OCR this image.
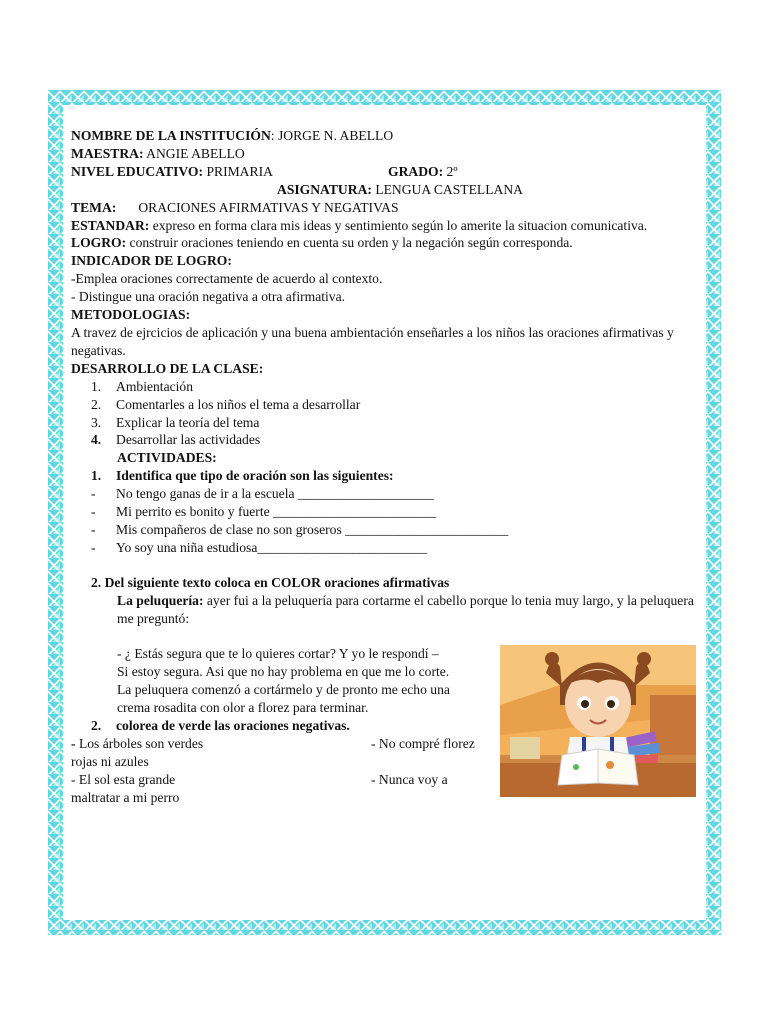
NOMBRE DE LA INSTITUCIÓN: JORGE N. ABELLO
MAESTRA: ANGIE ABELLO
NIVEL EDUCATIVO: PRIMARIA	GRADO: 2º
ASIGNATURA: LENGUA CASTELLANA
TEMA: ORACIONES AFIRMATIVAS Y NEGATIVAS
ESTANDAR: expreso en forma clara mis ideas y sentimiento según lo amerite la situacion comunicativa.
LOGRO: construir oraciones teniendo en cuenta su orden y la negación según corresponda.
INDICADOR DE LOGRO:
-Emplea oraciones correctamente de acuerdo al contexto.
- Distingue una oración negativa a otra afirmativa.
METODOLOGIAS:
A travez de ejrcicios de aplicación y una buena ambientación enseñarles a los niños las oraciones afirmativas y negativas.
DESARROLLO DE LA CLASE:
1. Ambientación
2. Comentarles a los niños el tema a desarrollar
3. Explicar la teoría del tema
4. Desarrollar las actividades
ACTIVIDADES:
1. Identifica que tipo de oración son las siguientes:
- No tengo ganas de ir a la escuela ____________________
- Mi perrito es bonito y fuerte ________________________
- Mis compañeros de clase no son groseros ________________________
- Yo soy una niña estudiosa_________________________
2. Del siguiente texto coloca en COLOR oraciones afirmativas
La peluquería: ayer fui a la peluquería para cortarme el cabello porque lo tenia muy largo, y la peluquera me preguntó:
- ¿ Estás segura que te lo quieres cortar? Y yo le respondí –
Si estoy segura. Asi que no hay problema en que me lo corte.
La peluquera comenzó a cortármelo y de pronto me echo una
crema rosadita con olor a florez para terminar.
2. colorea de verde las oraciones negativas.
- Los árboles son verdes
rojas ni azules
- No compré florez
- El sol esta grande
maltratar a mi perro
- Nunca voy a
